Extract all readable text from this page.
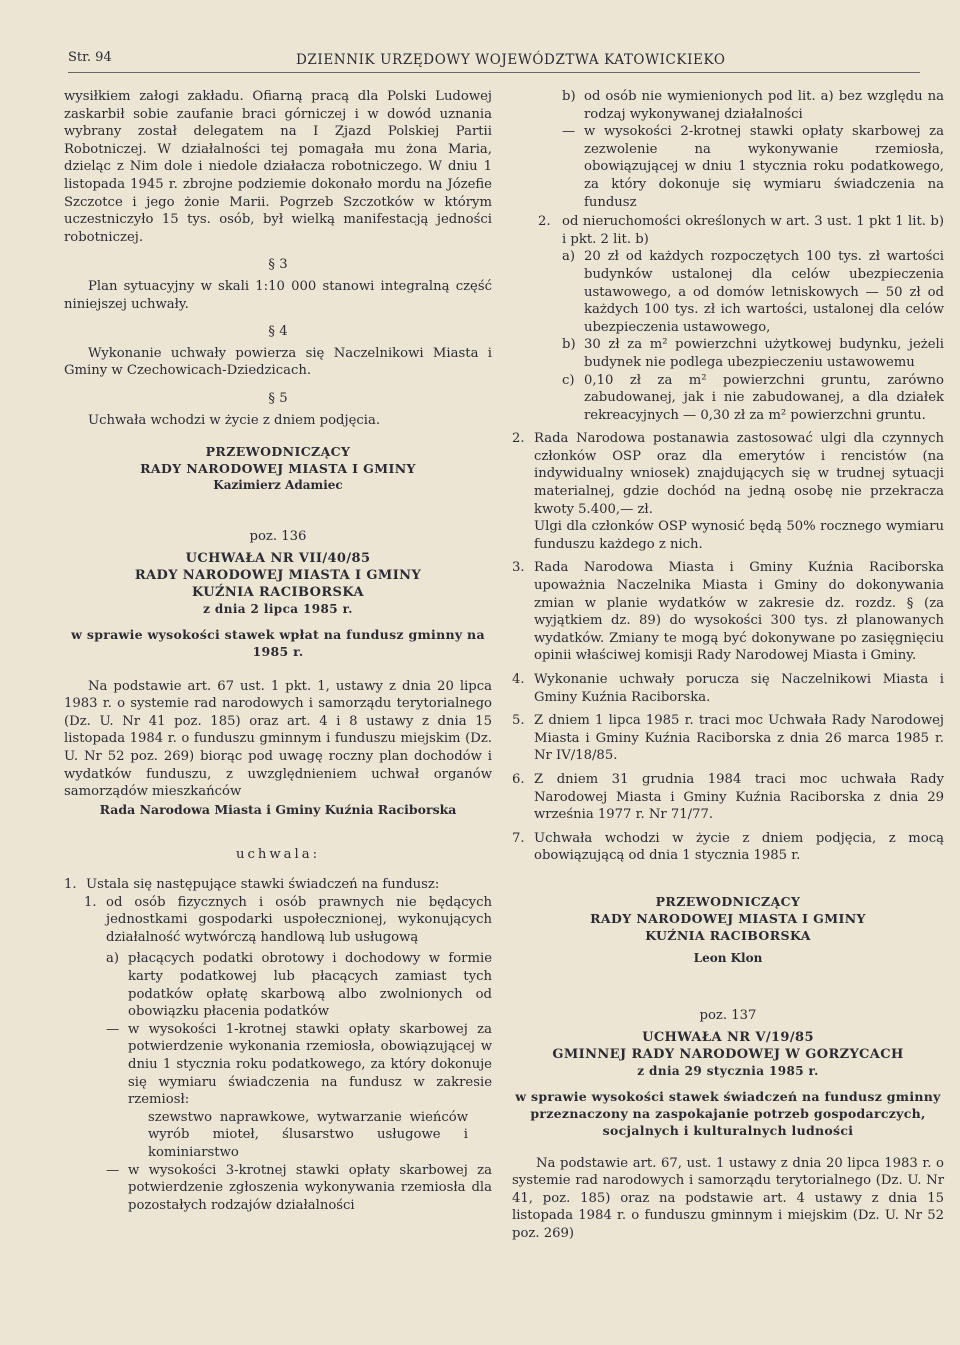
Str. 94	DZIENNIK URZĘDOWY WOJEWÓDZTWA KATOWICKIEKO

wysiłkiem załogi zakładu. Ofiarną pracą dla Polski Ludowej zaskarbił sobie zaufanie braci górniczej i w dowód uznania wybrany został delegatem na I Zjazd Polskiej Partii Robotniczej. W działalności tej pomagała mu żona Maria, dzieląc z Nim dole i niedole działacza robotniczego. W dniu 1 listopada 1945 r. zbrojne podziemie dokonało mordu na Józefie Szczotce i jego żonie Marii. Pogrzeb Szczotków w którym uczestniczyło 15 tys. osób, był wielką manifestacją jedności robotniczej.

§ 3

Plan sytuacyjny w skali 1:10 000 stanowi integralną część niniejszej uchwały.

§ 4

Wykonanie uchwały powierza się Naczelnikowi Miasta i Gminy w Czechowicach-Dziedzicach.

§ 5

Uchwała wchodzi w życie z dniem podjęcia.

PRZEWODNICZĄCY
RADY NARODOWEJ MIASTA I GMINY
Kazimierz Adamiec

poz. 136

UCHWAŁA NR VII/40/85
RADY NARODOWEJ MIASTA I GMINY
KUŹNIA RACIBORSKA
z dnia 2 lipca 1985 r.

w sprawie wysokości stawek wpłat na fundusz gminny na 1985 r.

Na podstawie art. 67 ust. 1 pkt. 1, ustawy z dnia 20 lipca 1983 r. o systemie rad narodowych i samorządu terytorialnego (Dz. U. Nr 41 poz. 185) oraz art. 4 i 8 ustawy z dnia 15 listopada 1984 r. o funduszu gminnym i funduszu miejskim (Dz. U. Nr 52 poz. 269) biorąc pod uwagę roczny plan dochodów i wydatków funduszu, z uwzględnieniem uchwał organów samorządów mieszkańców

Rada Narodowa Miasta i Gminy Kuźnia Raciborska

uchwala:

1. Ustala się następujące stawki świadczeń na fundusz:
1. od osób fizycznych i osób prawnych nie będących jednostkami gospodarki uspołecznionej, wykonujących działalność wytwórczą handlową lub usługową
a) płacących podatki obrotowy i dochodowy w formie karty podatkowej lub płacących zamiast tych podatków opłatę skarbową albo zwolnionych od obowiązku płacenia podatków
— w wysokości 1-krotnej stawki opłaty skarbowej za potwierdzenie wykonania rzemiosła, obowiązującej w dniu 1 stycznia roku podatkowego, za który dokonuje się wymiaru świadczenia na fundusz w zakresie rzemiosł:
szewstwo naprawkowe, wytwarzanie wieńców wyrób mioteł, ślusarstwo usługowe i kominiarstwo
— w wysokości 3-krotnej stawki opłaty skarbowej za potwierdzenie zgłoszenia wykonywania rzemiosła dla pozostałych rodzajów działalności
b) od osób nie wymienionych pod lit. a) bez względu na rodzaj wykonywanej działalności
— w wysokości 2-krotnej stawki opłaty skarbowej za zezwolenie na wykonywanie rzemiosła, obowiązującej w dniu 1 stycznia roku podatkowego, za który dokonuje się wymiaru świadczenia na fundusz
2. od nieruchomości określonych w art. 3 ust. 1 pkt 1 lit. b) i pkt. 2 lit. b)
a) 20 zł od każdych rozpoczętych 100 tys. zł wartości budynków ustalonej dla celów ubezpieczenia ustawowego, a od domów letniskowych — 50 zł od każdych 100 tys. zł ich wartości, ustalonej dla celów ubezpieczenia ustawowego,
b) 30 zł za m² powierzchni użytkowej budynku, jeżeli budynek nie podlega ubezpieczeniu ustawowemu
c) 0,10 zł za m² powierzchni gruntu, zarówno zabudowanej, jak i nie zabudowanej, a dla działek rekreacyjnych — 0,30 zł za m² powierzchni gruntu.
2. Rada Narodowa postanawia zastosować ulgi dla czynnych członków OSP oraz dla emerytów i rencistów (na indywidualny wniosek) znajdujących się w trudnej sytuacji materialnej, gdzie dochód na jedną osobę nie przekracza kwoty 5.400,— zł.
Ulgi dla członków OSP wynosić będą 50% rocznego wymiaru funduszu każdego z nich.
3. Rada Narodowa Miasta i Gminy Kuźnia Raciborska upoważnia Naczelnika Miasta i Gminy do dokonywania zmian w planie wydatków w zakresie dz. rozdz. § (za wyjątkiem dz. 89) do wysokości 300 tys. zł planowanych wydatków. Zmiany te mogą być dokonywane po zasięgnięciu opinii właściwej komisji Rady Narodowej Miasta i Gminy.
4. Wykonanie uchwały porucza się Naczelnikowi Miasta i Gminy Kuźnia Raciborska.
5. Z dniem 1 lipca 1985 r. traci moc Uchwała Rady Narodowej Miasta i Gminy Kuźnia Raciborska z dnia 26 marca 1985 r. Nr IV/18/85.
6. Z dniem 31 grudnia 1984 traci moc uchwała Rady Narodowej Miasta i Gminy Kuźnia Raciborska z dnia 29 września 1977 r. Nr 71/77.
7. Uchwała wchodzi w życie z dniem podjęcia, z mocą obowiązującą od dnia 1 stycznia 1985 r.
PRZEWODNICZĄCY
RADY NARODOWEJ MIASTA I GMINY
KUŹNIA RACIBORSKA
Leon Klon

poz. 137

UCHWAŁA NR V/19/85
GMINNEJ RADY NARODOWEJ W GORZYCACH
z dnia 29 stycznia 1985 r.

w sprawie wysokości stawek świadczeń na fundusz gminny przeznaczony na zaspokajanie potrzeb gospodarczych, socjalnych i kulturalnych ludności

Na podstawie art. 67, ust. 1 ustawy z dnia 20 lipca 1983 r. o systemie rad narodowych i samorządu terytorialnego (Dz. U. Nr 41, poz. 185) oraz na podstawie art. 4 ustawy z dnia 15 listopada 1984 r. o funduszu gminnym i miejskim (Dz. U. Nr 52 poz. 269)
